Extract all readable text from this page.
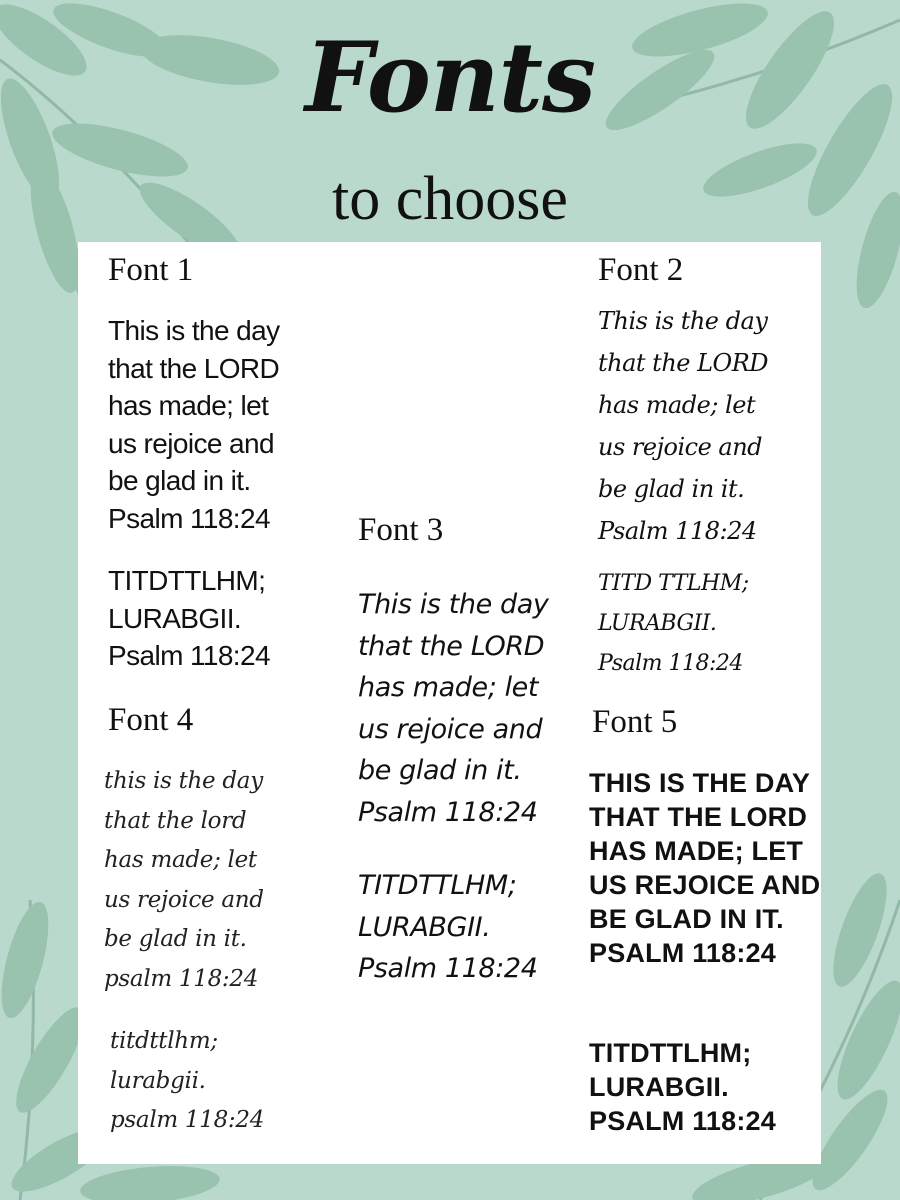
Fonts
to choose
Font 1
This is the day
that the LORD
has made; let
us rejoice and
be glad in it.
Psalm 118:24
TITDTTLHM;
LURABGII.
Psalm 118:24
Font 2
This is the day
that the LORD
has made; let
us rejoice and
be glad in it.
Psalm 118:24
TITD TTLHM;
LURABGII.
Psalm 118:24
Font 3
This is the day
that the LORD
has made; let
us rejoice and
be glad in it.
Psalm 118:24
TITDTTLHM;
LURABGII.
Psalm 118:24
Font 4
this is the day
that the lord
has made; let
us rejoice and
be glad in it.
psalm 118:24
titdttlhm;
lurabgii.
psalm 118:24
Font 5
THIS IS THE DAY
THAT THE LORD
HAS MADE; LET
US REJOICE AND
BE GLAD IN IT.
PSALM 118:24
TITDTTLHM;
LURABGII.
PSALM 118:24
